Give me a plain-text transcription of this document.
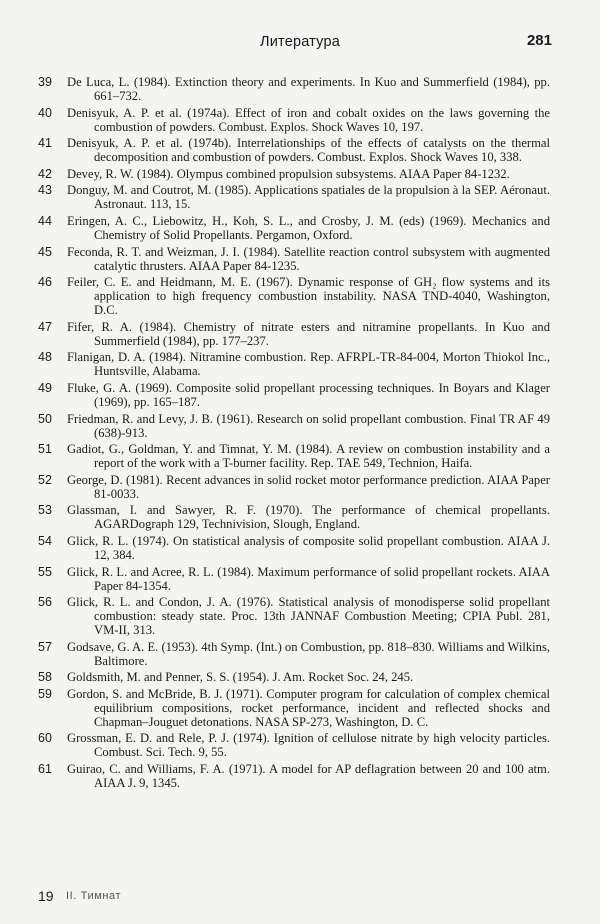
Литература	281
39 De Luca, L. (1984). Extinction theory and experiments. In Kuo and Summerfield (1984), pp. 661–732.
40 Denisyuk, A. P. et al. (1974a). Effect of iron and cobalt oxides on the laws governing the combustion of powders. Combust. Explos. Shock Waves 10, 197.
41 Denisyuk, A. P. et al. (1974b). Interrelationships of the effects of catalysts on the thermal decomposition and combustion of powders. Combust. Explos. Shock Waves 10, 338.
42 Devey, R. W. (1984). Olympus combined propulsion subsystems. AIAA Paper 84-1232.
43 Donguy, M. and Coutrot, M. (1985). Applications spatiales de la propulsion à la SEP. Aéronaut. Astronaut. 113, 15.
44 Eringen, A. C., Liebowitz, H., Koh, S. L., and Crosby, J. M. (eds) (1969). Mechanics and Chemistry of Solid Propellants. Pergamon, Oxford.
45 Feconda, R. T. and Weizman, J. I. (1984). Satellite reaction control subsystem with augmented catalytic thrusters. AIAA Paper 84-1235.
46 Feiler, C. E. and Heidmann, M. E. (1967). Dynamic response of GH₂ flow systems and its application to high frequency combustion instability. NASA TND-4040, Washington, D.C.
47 Fifer, R. A. (1984). Chemistry of nitrate esters and nitramine propellants. In Kuo and Summerfield (1984), pp. 177–237.
48 Flanigan, D. A. (1984). Nitramine combustion. Rep. AFRPL-TR-84-004, Morton Thiokol Inc., Huntsville, Alabama.
49 Fluke, G. A. (1969). Composite solid propellant processing techniques. In Boyars and Klager (1969), pp. 165–187.
50 Friedman, R. and Levy, J. B. (1961). Research on solid propellant combustion. Final TR AF 49 (638)-913.
51 Gadiot, G., Goldman, Y. and Timnat, Y. M. (1984). A review on combustion instability and a report of the work with a T-burner facility. Rep. TAE 549, Technion, Haifa.
52 George, D. (1981). Recent advances in solid rocket motor performance prediction. AIAA Paper 81-0033.
53 Glassman, I. and Sawyer, R. F. (1970). The performance of chemical propellants. AGARDograph 129, Technivision, Slough, England.
54 Glick, R. L. (1974). On statistical analysis of composite solid propellant combustion. AIAA J. 12, 384.
55 Glick, R. L. and Acree, R. L. (1984). Maximum performance of solid propellant rockets. AIAA Paper 84-1354.
56 Glick, R. L. and Condon, J. A. (1976). Statistical analysis of monodisperse solid propellant combustion: steady state. Proc. 13th JANNAF Combustion Meeting; CPIA Publ. 281, VM-II, 313.
57 Godsave, G. A. E. (1953). 4th Symp. (Int.) on Combustion, pp. 818–830. Williams and Wilkins, Baltimore.
58 Goldsmith, M. and Penner, S. S. (1954). J. Am. Rocket Soc. 24, 245.
59 Gordon, S. and McBride, B. J. (1971). Computer program for calculation of complex chemical equilibrium compositions, rocket performance, incident and reflected shocks and Chapman–Jouguet detonations. NASA SP-273, Washington, D. C.
60 Grossman, E. D. and Rele, P. J. (1974). Ignition of cellulose nitrate by high velocity particles. Combust. Sci. Tech. 9, 55.
61 Guirao, C. and Williams, F. A. (1971). A model for AP deflagration between 20 and 100 atm. AIAA J. 9, 1345.
19 II. Тимнат
